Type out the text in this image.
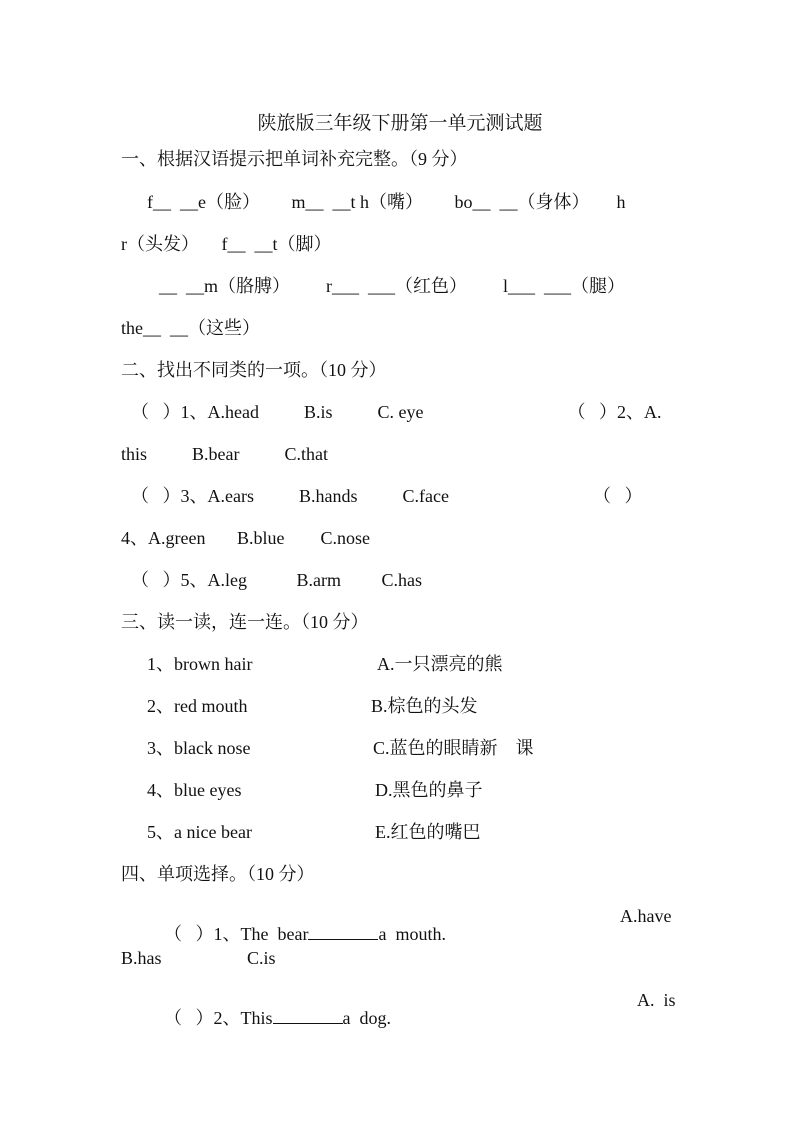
陕旅版三年级下册第一单元测试题
一、根据汉语提示把单词补充完整。（9 分）
f__  __e（脸）       m__  __t h（嘴）       bo__  __（身体）      h
r（头发）     f__  __t（脚）
__  __m（胳膊）        r___  ___（红色）        l___  ___（腿）
the__  __（这些）
二、找出不同类的一项。（10 分）
（   ）1、A.head          B.is          C. eye                                （   ）2、A.
this          B.bear          C.that
（   ）3、A.ears          B.hands          C.face                                （   ）
4、A.green       B.blue        C.nose
（   ）5、A.leg           B.arm         C.has
三、读一读，连一连。（10 分）
1、brown hair	A.一只漂亮的熊
2、red mouth	B.棕色的头发
3、black nose	C.蓝色的眼睛新    课
4、blue eyes	D.黑色的鼻子
5、a nice bear	E.红色的嘴巴
四、单项选择。（10 分）

（   ）1、The  bear	a  mouth.

A.have
B.has	C.is

（   ）2、This	a  dog.

A.  is
